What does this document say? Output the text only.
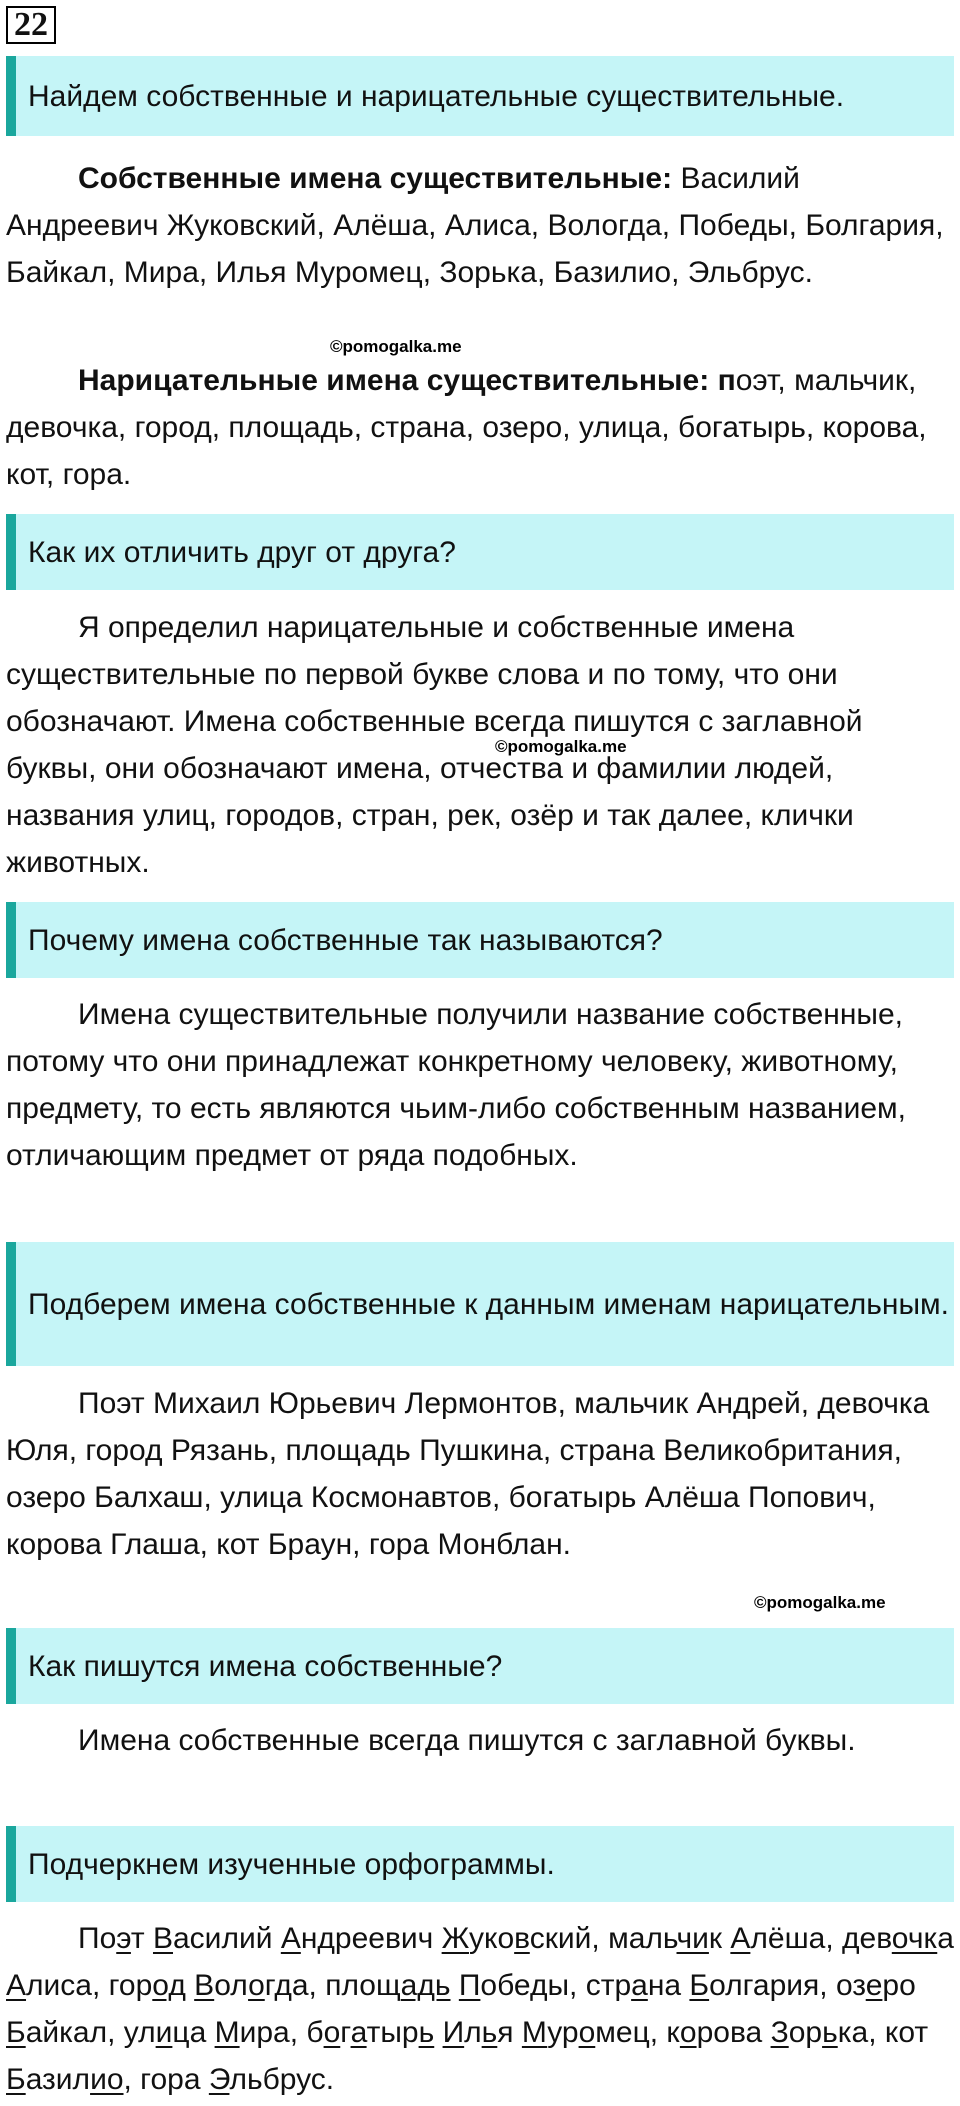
22
Найдем собственные и нарицательные существительные.
Собственные имена существительные: Василий Андреевич Жуковский, Алёша, Алиса, Вологда, Победы, Болгария, Байкал, Мира, Илья Муромец, Зорька, Базилио, Эльбрус.
©pomogalka.me
Нарицательные имена существительные: поэт, мальчик, девочка, город, площадь, страна, озеро, улица, богатырь, корова, кот, гора.
Как их отличить друг от друга?
Я определил нарицательные и собственные имена существительные по первой букве слова и по тому, что они обозначают. Имена собственные всегда пишутся с заглавной буквы, они обозначают имена, отчества и фамилии людей, названия улиц, городов, стран, рек, озёр и так далее, клички животных.
©pomogalka.me
Почему имена собственные так называются?
Имена существительные получили название собственные, потому что они принадлежат конкретному человеку, животному, предмету, то есть являются чьим-либо собственным названием, отличающим предмет от ряда подобных.
Подберем имена собственные к данным именам нарицательным.
Поэт Михаил Юрьевич Лермонтов, мальчик Андрей, девочка Юля, город Рязань, площадь Пушкина, страна Великобритания, озеро Балхаш, улица Космонавтов, богатырь Алёша Попович, корова Глаша, кот Браун, гора Монблан.
©pomogalka.me
Как пишутся имена собственные?
Имена собственные всегда пишутся с заглавной буквы.
Подчеркнем изученные орфограммы.
Поэт Василий Андреевич Жуковский, мальчик Алёша, девочка Алиса, город Вологда, площадь Победы, страна Болгария, озеро Байкал, улица Мира, богатырь Илья Муромец, корова Зорька, кот Базилио, гора Эльбрус.
